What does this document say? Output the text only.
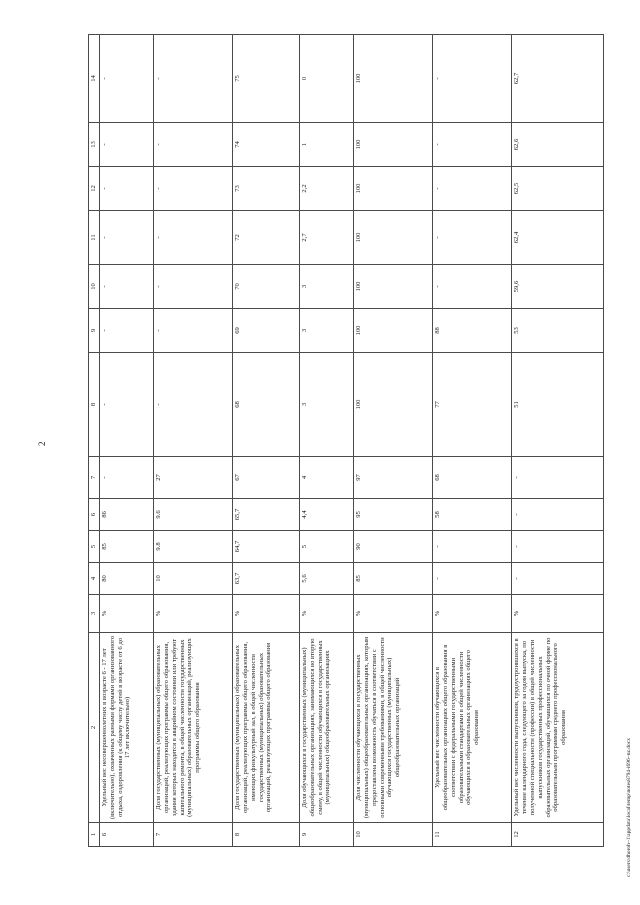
2
1	2	3	4	5	6	7	8	9	10	11	12	13	14
6	Удельный вес несовершеннолетних в возрасте 6 - 17 лет (включительно), охваченных разными формами организованного отдыха, оздоровления (к общему числу детей в возрасте от 6 до 17 лет включительно)	%	80	85	86	-	-	-	-	-	-	-	-
7	Доля государственных (муниципальных) образовательных организаций, реализующих программы общего образования, здания которых находятся в аварийном состоянии или требуют капитального ремонта, в общей численности государственных (муниципальных) образовательных организаций, реализующих программы общего образования	%	10	9.8	9.6	27	-	-	-	-	-	-	-
8	Доля государственных (муниципальных) образовательных организаций, реализующих программы общего образования, имеющих физкультурный зал, в общей численности государственных (муниципальных) образовательных организаций, реализующих программы общего образования	%	63,7	64,7	65,7	67	68	69	70	72	73	74	75
9	Доля обучающихся в государственных (муниципальных) общеобразовательных организациях, занимающихся во вторую смену, в общей численности обучающихся в государственных (муниципальных) общеобразовательных организациях	%	5,6	5	4,4	4	3	3	3	2,7	2,2	1	0
10	Доля численности обучающихся в государственных (муниципальных) общеобразовательных организациях, которым предоставлена возможность обучаться в соответствии с основными современными требованиями, в общей численности обучающихся государственных (муниципальных) общеобразовательных организаций	%	85	90	95	97	100	100	100	100	100	100	100
11	Удельный вес численности обучающихся в общеобразовательных организациях общего образования в соответствии с федеральными государственными образовательными стандартами в общей численности обучающихся в образовательных организациях общего образования	%	-	-	58	68	77	88	-	-	-	-	-
12	Удельный вес численности выпускников, трудоустроившихся в течение календарного года, следующего за годом выпуска, по полученной специальности (профессии) в общей численности выпускников государственных профессиональных образовательных организаций, обучавшихся по очной форме по образовательным программам среднего профессионального образования	%	-	-	-	-	51	53	59,6	62,4	62,5	62,6	62,7
c:\users\dhoroh~1\appdata\local\temp\notes8794-i696~nz.docx
